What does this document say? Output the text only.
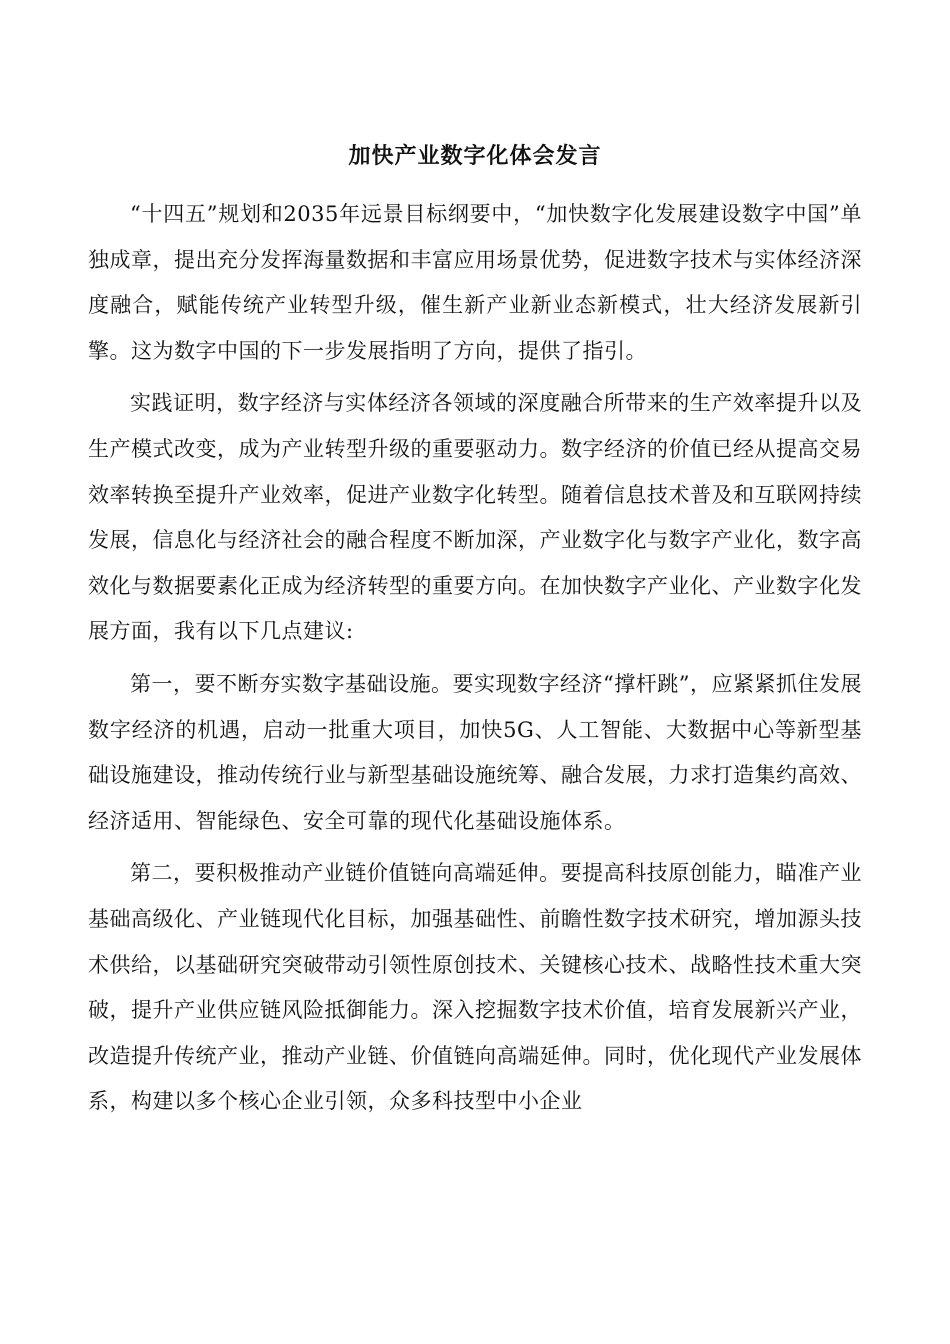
加快产业数字化体会发言

“十四五”规划和2035年远景目标纲要中，“加快数字化发展建设数字中国”单独成章，提出充分发挥海量数据和丰富应用场景优势，促进数字技术与实体经济深度融合，赋能传统产业转型升级，催生新产业新业态新模式，壮大经济发展新引擎。这为数字中国的下一步发展指明了方向，提供了指引。

实践证明，数字经济与实体经济各领域的深度融合所带来的生产效率提升以及生产模式改变，成为产业转型升级的重要驱动力。数字经济的价值已经从提高交易效率转换至提升产业效率，促进产业数字化转型。随着信息技术普及和互联网持续发展，信息化与经济社会的融合程度不断加深，产业数字化与数字产业化，数字高效化与数据要素化正成为经济转型的重要方向。在加快数字产业化、产业数字化发展方面，我有以下几点建议:

第一，要不断夯实数字基础设施。要实现数字经济“撑杆跳”，应紧紧抓住发展数字经济的机遇，启动一批重大项目，加快5G、人工智能、大数据中心等新型基础设施建设，推动传统行业与新型基础设施统筹、融合发展，力求打造集约高效、经济适用、智能绿色、安全可靠的现代化基础设施体系。

第二，要积极推动产业链价值链向高端延伸。要提高科技原创能力，瞄准产业基础高级化、产业链现代化目标，加强基础性、前瞻性数字技术研究，增加源头技术供给，以基础研究突破带动引领性原创技术、关键核心技术、战略性技术重大突破，提升产业供应链风险抵御能力。深入挖掘数字技术价值，培育发展新兴产业，改造提升传统产业，推动产业链、价值链向高端延伸。同时，优化现代产业发展体系，构建以多个核心企业引领，众多科技型中小企业
